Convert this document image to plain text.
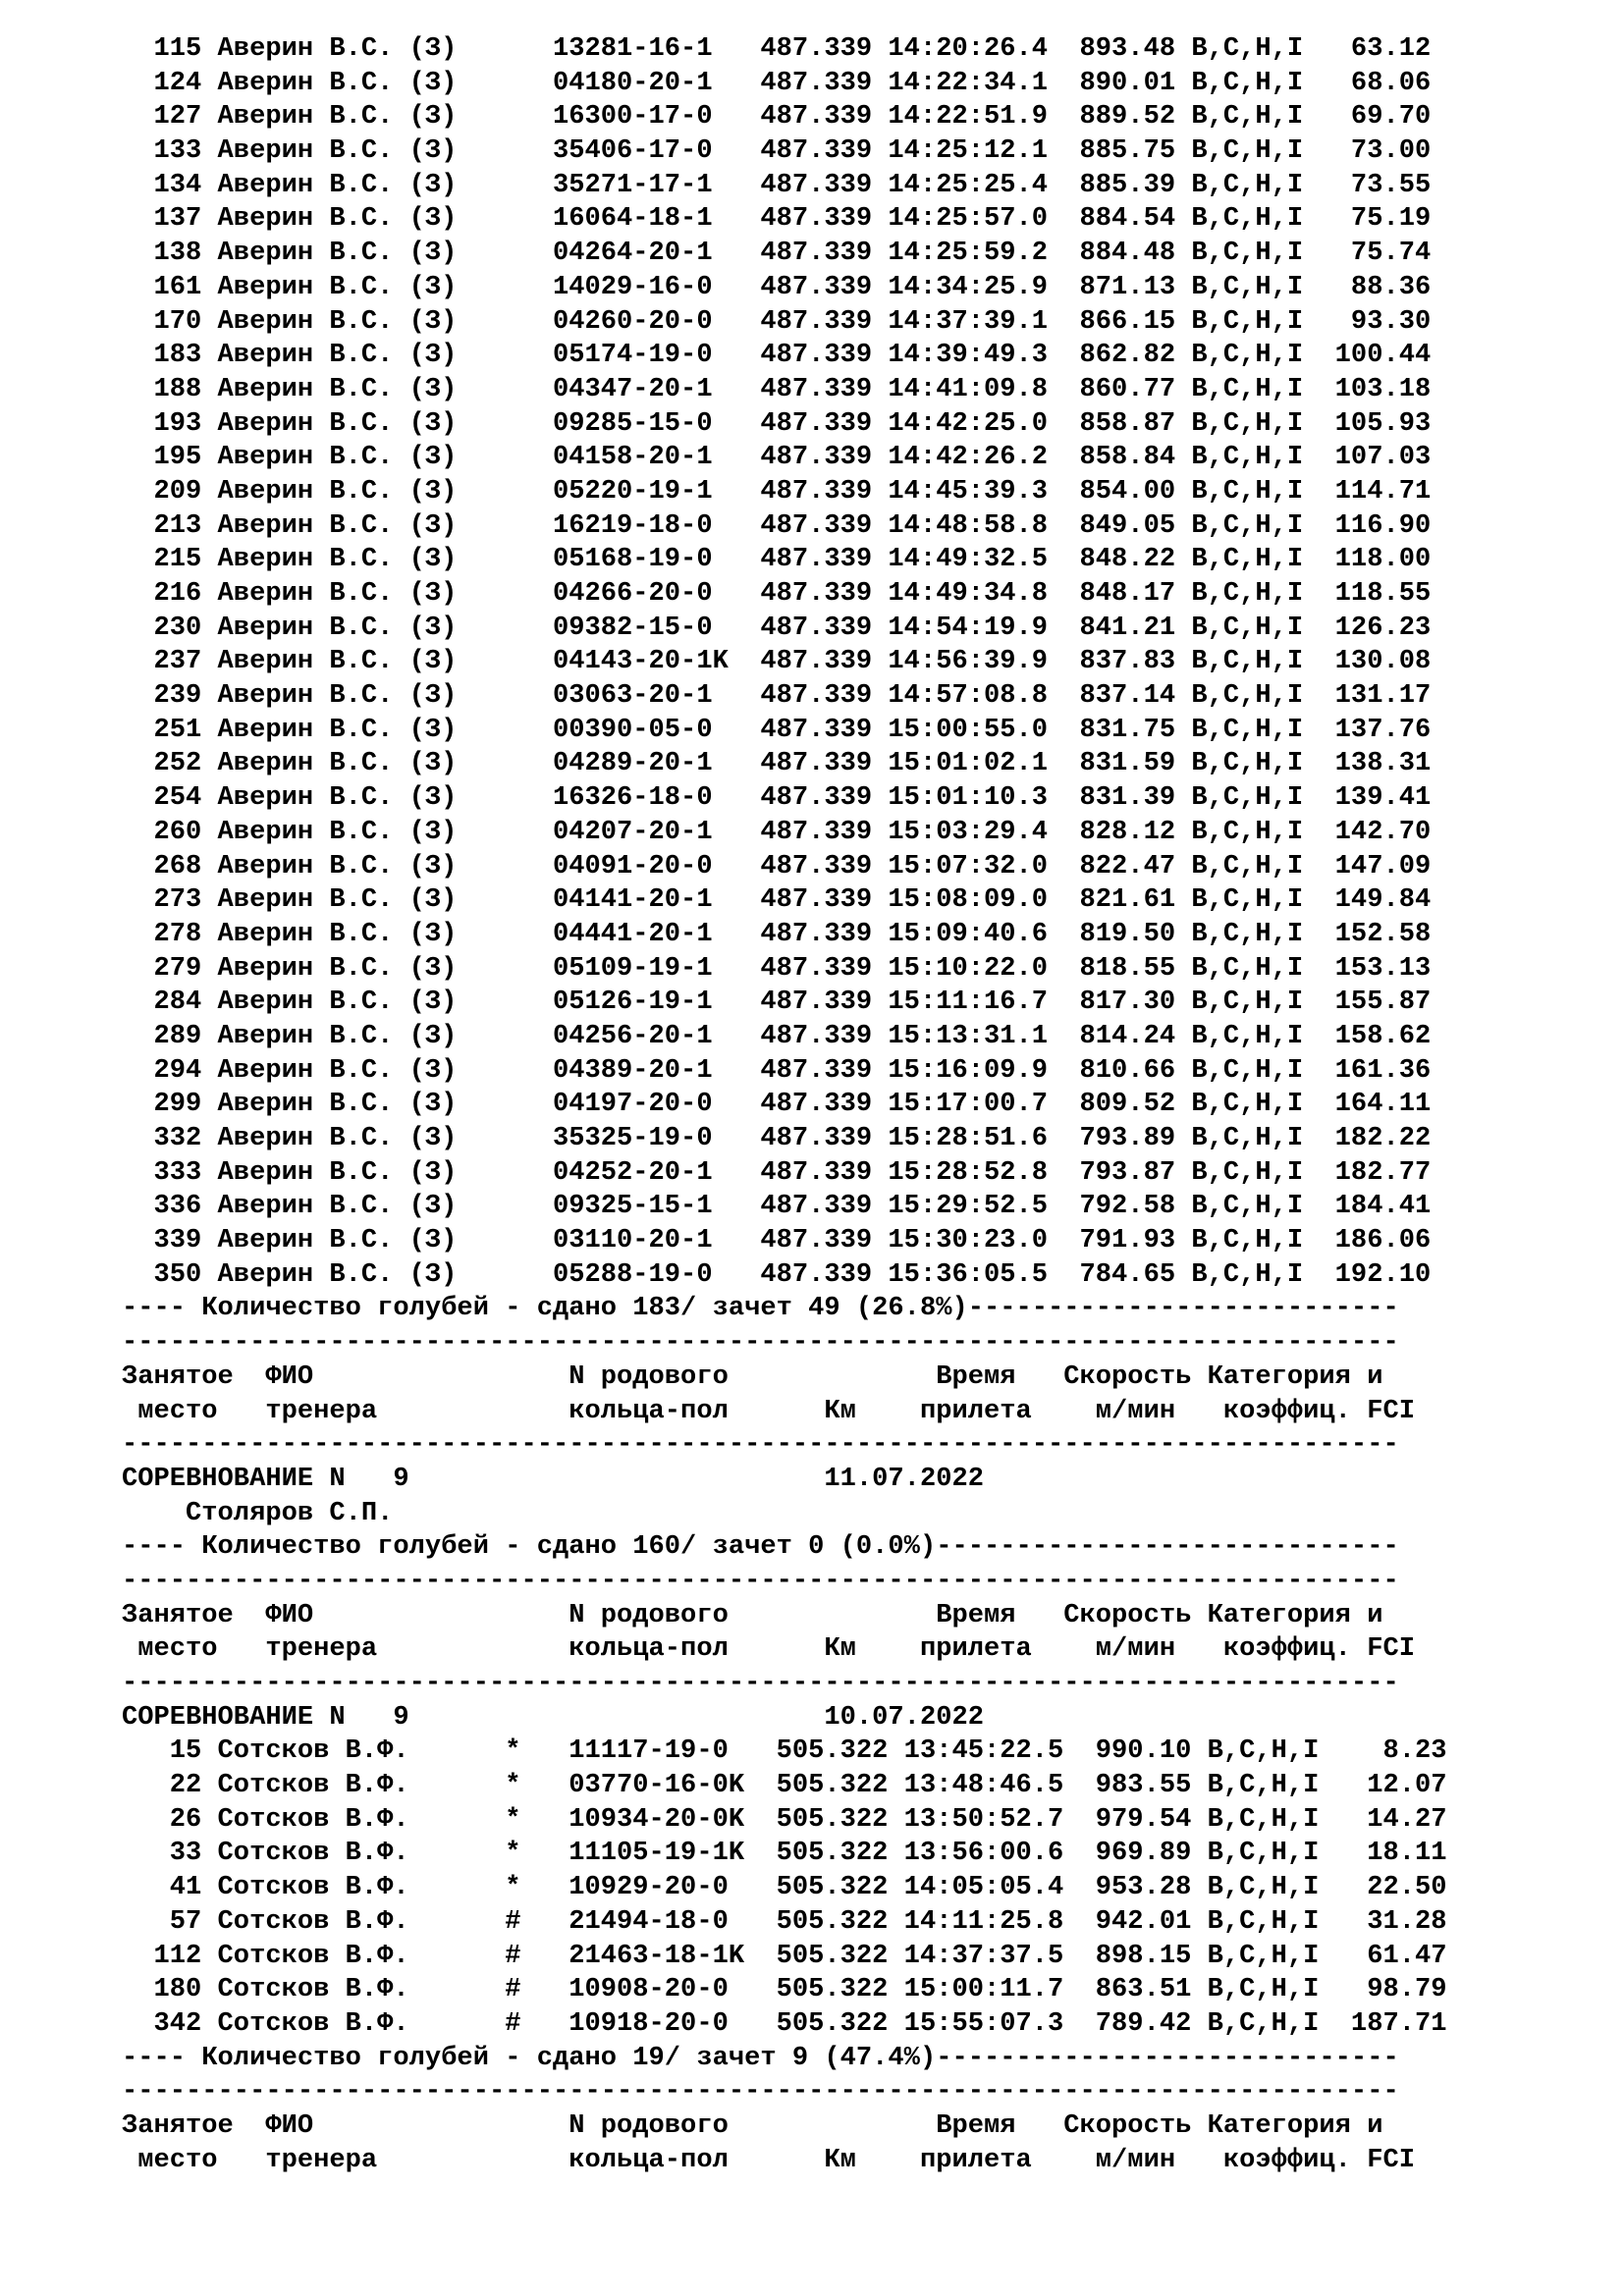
115 Аверин В.С. (З)      13281-16-1   487.339 14:20:26.4  893.48 B,C,H,I   63.12
124 Аверин В.С. (З)      04180-20-1   487.339 14:22:34.1  890.01 B,C,H,I   68.06
127 Аверин В.С. (З)      16300-17-0   487.339 14:22:51.9  889.52 B,C,H,I   69.70
133 Аверин В.С. (З)      35406-17-0   487.339 14:25:12.1  885.75 B,C,H,I   73.00
134 Аверин В.С. (З)      35271-17-1   487.339 14:25:25.4  885.39 B,C,H,I   73.55
137 Аверин В.С. (З)      16064-18-1   487.339 14:25:57.0  884.54 B,C,H,I   75.19
138 Аверин В.С. (З)      04264-20-1   487.339 14:25:59.2  884.48 B,C,H,I   75.74
161 Аверин В.С. (З)      14029-16-0   487.339 14:34:25.9  871.13 B,C,H,I   88.36
170 Аверин В.С. (З)      04260-20-0   487.339 14:37:39.1  866.15 B,C,H,I   93.30
183 Аверин В.С. (З)      05174-19-0   487.339 14:39:49.3  862.82 B,C,H,I  100.44
188 Аверин В.С. (З)      04347-20-1   487.339 14:41:09.8  860.77 B,C,H,I  103.18
193 Аверин В.С. (З)      09285-15-0   487.339 14:42:25.0  858.87 B,C,H,I  105.93
195 Аверин В.С. (З)      04158-20-1   487.339 14:42:26.2  858.84 B,C,H,I  107.03
209 Аверин В.С. (З)      05220-19-1   487.339 14:45:39.3  854.00 B,C,H,I  114.71
213 Аверин В.С. (З)      16219-18-0   487.339 14:48:58.8  849.05 B,C,H,I  116.90
215 Аверин В.С. (З)      05168-19-0   487.339 14:49:32.5  848.22 B,C,H,I  118.00
216 Аверин В.С. (З)      04266-20-0   487.339 14:49:34.8  848.17 B,C,H,I  118.55
230 Аверин В.С. (З)      09382-15-0   487.339 14:54:19.9  841.21 B,C,H,I  126.23
237 Аверин В.С. (З)      04143-20-1K  487.339 14:56:39.9  837.83 B,C,H,I  130.08
239 Аверин В.С. (З)      03063-20-1   487.339 14:57:08.8  837.14 B,C,H,I  131.17
251 Аверин В.С. (З)      00390-05-0   487.339 15:00:55.0  831.75 B,C,H,I  137.76
252 Аверин В.С. (З)      04289-20-1   487.339 15:01:02.1  831.59 B,C,H,I  138.31
254 Аверин В.С. (З)      16326-18-0   487.339 15:01:10.3  831.39 B,C,H,I  139.41
260 Аверин В.С. (З)      04207-20-1   487.339 15:03:29.4  828.12 B,C,H,I  142.70
268 Аверин В.С. (З)      04091-20-0   487.339 15:07:32.0  822.47 B,C,H,I  147.09
273 Аверин В.С. (З)      04141-20-1   487.339 15:08:09.0  821.61 B,C,H,I  149.84
278 Аверин В.С. (З)      04441-20-1   487.339 15:09:40.6  819.50 B,C,H,I  152.58
279 Аверин В.С. (З)      05109-19-1   487.339 15:10:22.0  818.55 B,C,H,I  153.13
284 Аверин В.С. (З)      05126-19-1   487.339 15:11:16.7  817.30 B,C,H,I  155.87
289 Аверин В.С. (З)      04256-20-1   487.339 15:13:31.1  814.24 B,C,H,I  158.62
294 Аверин В.С. (З)      04389-20-1   487.339 15:16:09.9  810.66 B,C,H,I  161.36
299 Аверин В.С. (З)      04197-20-0   487.339 15:17:00.7  809.52 B,C,H,I  164.11
332 Аверин В.С. (З)      35325-19-0   487.339 15:28:51.6  793.89 B,C,H,I  182.22
333 Аверин В.С. (З)      04252-20-1   487.339 15:28:52.8  793.87 B,C,H,I  182.77
336 Аверин В.С. (З)      09325-15-1   487.339 15:29:52.5  792.58 B,C,H,I  184.41
339 Аверин В.С. (З)      03110-20-1   487.339 15:30:23.0  791.93 B,C,H,I  186.06
350 Аверин В.С. (З)      05288-19-0   487.339 15:36:05.5  784.65 B,C,H,I  192.10
---- Количество голубей - сдано 183/ зачет 49 (26.8%)---------------------------
--------------------------------------------------------------------------------
Занятое  ФИО                N родового             Время   Скорость Категория и
место   тренера            кольца-пол      Км    прилета    м/мин   коэффиц. FCI
--------------------------------------------------------------------------------
СОРЕВНОВАНИЕ N   9                          11.07.2022
Столяров С.П.
---- Количество голубей - сдано 160/ зачет 0 (0.0%)-----------------------------
--------------------------------------------------------------------------------
Занятое  ФИО                N родового             Время   Скорость Категория и
место   тренера            кольца-пол      Км    прилета    м/мин   коэффиц. FCI
--------------------------------------------------------------------------------
СОРЕВНОВАНИЕ N   9                          10.07.2022
15 Сотсков В.Ф.      *   11117-19-0   505.322 13:45:22.5  990.10 B,C,H,I    8.23
22 Сотсков В.Ф.      *   03770-16-0K  505.322 13:48:46.5  983.55 B,C,H,I   12.07
26 Сотсков В.Ф.      *   10934-20-0K  505.322 13:50:52.7  979.54 B,C,H,I   14.27
33 Сотсков В.Ф.      *   11105-19-1K  505.322 13:56:00.6  969.89 B,C,H,I   18.11
41 Сотсков В.Ф.      *   10929-20-0   505.322 14:05:05.4  953.28 B,C,H,I   22.50
57 Сотсков В.Ф.      #   21494-18-0   505.322 14:11:25.8  942.01 B,C,H,I   31.28
112 Сотсков В.Ф.      #   21463-18-1K  505.322 14:37:37.5  898.15 B,C,H,I   61.47
180 Сотсков В.Ф.      #   10908-20-0   505.322 15:00:11.7  863.51 B,C,H,I   98.79
342 Сотсков В.Ф.      #   10918-20-0   505.322 15:55:07.3  789.42 B,C,H,I  187.71
---- Количество голубей - сдано 19/ зачет 9 (47.4%)-----------------------------
--------------------------------------------------------------------------------
Занятое  ФИО                N родового             Время   Скорость Категория и
место   тренера            кольца-пол      Км    прилета    м/мин   коэффиц. FCI
